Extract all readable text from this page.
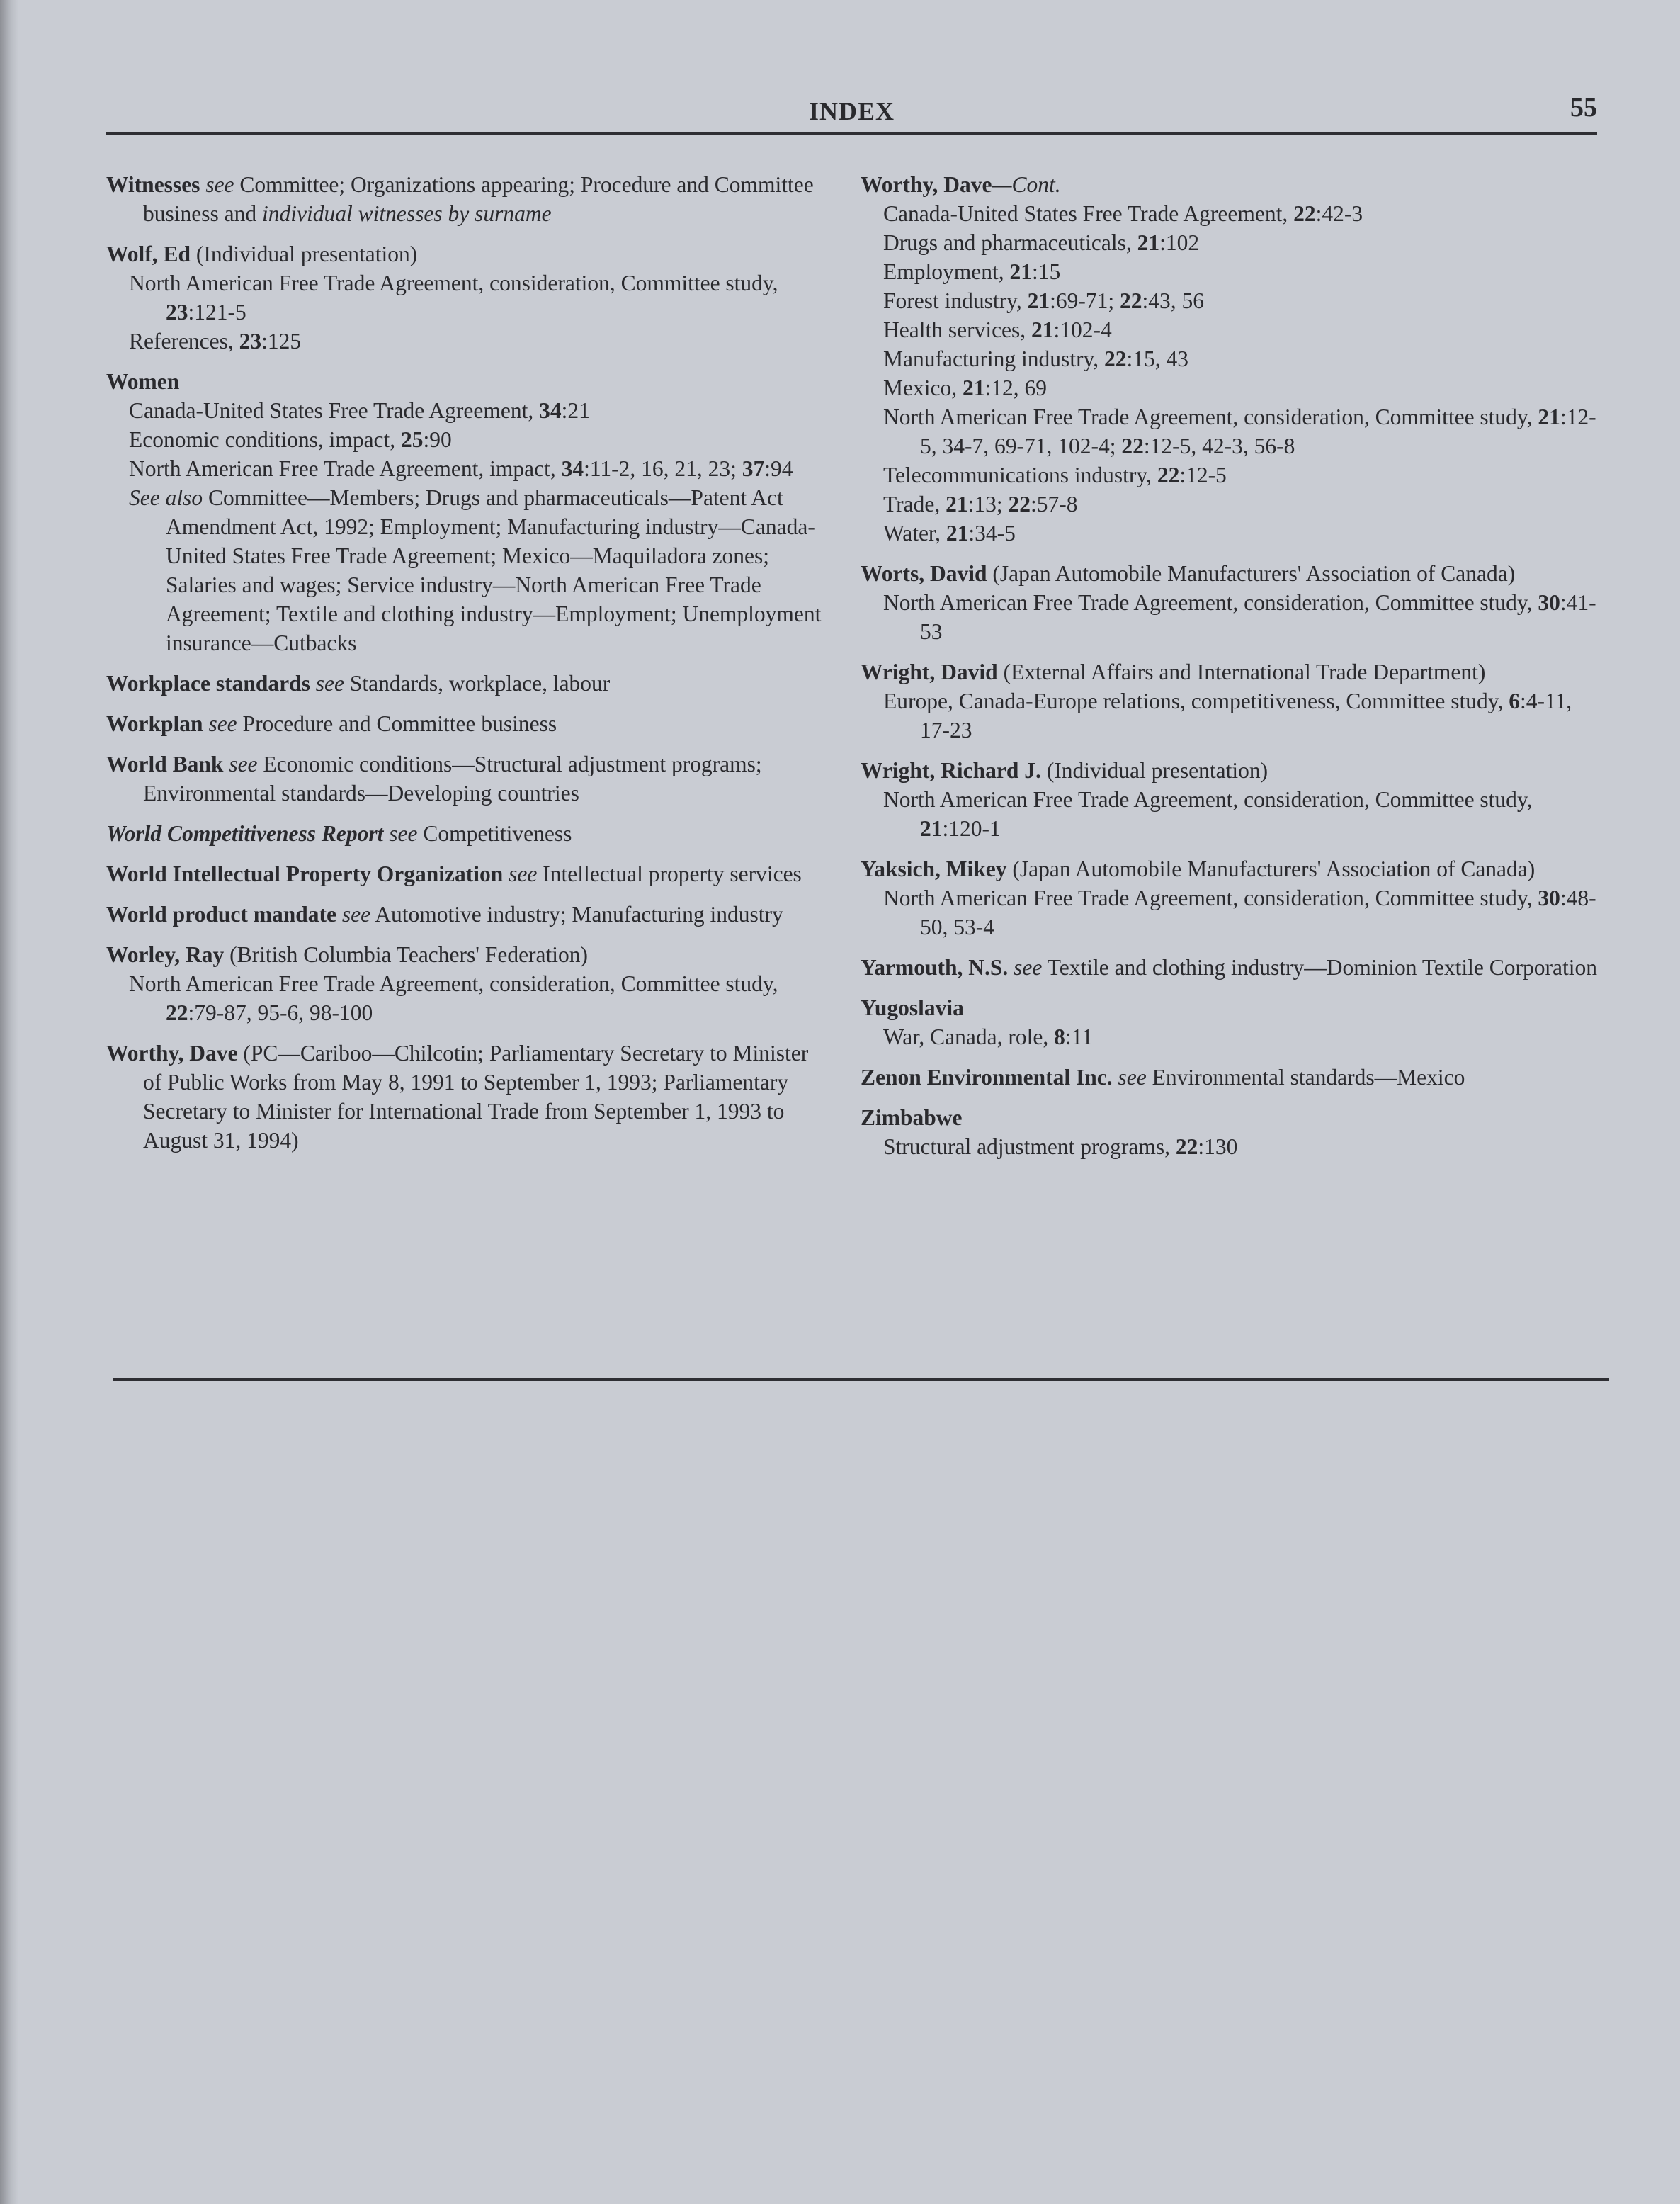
INDEX	55
Witnesses see Committee; Organizations appearing; Procedure and Committee business and individual witnesses by surname
Wolf, Ed (Individual presentation)
North American Free Trade Agreement, consideration, Committee study, 23:121-5
References, 23:125
Women
Canada-United States Free Trade Agreement, 34:21
Economic conditions, impact, 25:90
North American Free Trade Agreement, impact, 34:11-2, 16, 21, 23; 37:94
See also Committee—Members; Drugs and pharmaceuticals—Patent Act Amendment Act, 1992; Employment; Manufacturing industry—Canada-United States Free Trade Agreement; Mexico—Maquiladora zones; Salaries and wages; Service industry—North American Free Trade Agreement; Textile and clothing industry—Employment; Unemployment insurance—Cutbacks
Workplace standards see Standards, workplace, labour
Workplan see Procedure and Committee business
World Bank see Economic conditions—Structural adjustment programs; Environmental standards—Developing countries
World Competitiveness Report see Competitiveness
World Intellectual Property Organization see Intellectual property services
World product mandate see Automotive industry; Manufacturing industry
Worley, Ray (British Columbia Teachers' Federation)
North American Free Trade Agreement, consideration, Committee study, 22:79-87, 95-6, 98-100
Worthy, Dave (PC—Cariboo—Chilcotin; Parliamentary Secretary to Minister of Public Works from May 8, 1991 to September 1, 1993; Parliamentary Secretary to Minister for International Trade from September 1, 1993 to August 31, 1994)
Worthy, Dave—Cont.
Canada-United States Free Trade Agreement, 22:42-3
Drugs and pharmaceuticals, 21:102
Employment, 21:15
Forest industry, 21:69-71; 22:43, 56
Health services, 21:102-4
Manufacturing industry, 22:15, 43
Mexico, 21:12, 69
North American Free Trade Agreement, consideration, Committee study, 21:12-5, 34-7, 69-71, 102-4; 22:12-5, 42-3, 56-8
Telecommunications industry, 22:12-5
Trade, 21:13; 22:57-8
Water, 21:34-5
Worts, David (Japan Automobile Manufacturers' Association of Canada)
North American Free Trade Agreement, consideration, Committee study, 30:41-53
Wright, David (External Affairs and International Trade Department)
Europe, Canada-Europe relations, competitiveness, Committee study, 6:4-11, 17-23
Wright, Richard J. (Individual presentation)
North American Free Trade Agreement, consideration, Committee study, 21:120-1
Yaksich, Mikey (Japan Automobile Manufacturers' Association of Canada)
North American Free Trade Agreement, consideration, Committee study, 30:48-50, 53-4
Yarmouth, N.S. see Textile and clothing industry—Dominion Textile Corporation
Yugoslavia
War, Canada, role, 8:11
Zenon Environmental Inc. see Environmental standards—Mexico
Zimbabwe
Structural adjustment programs, 22:130
